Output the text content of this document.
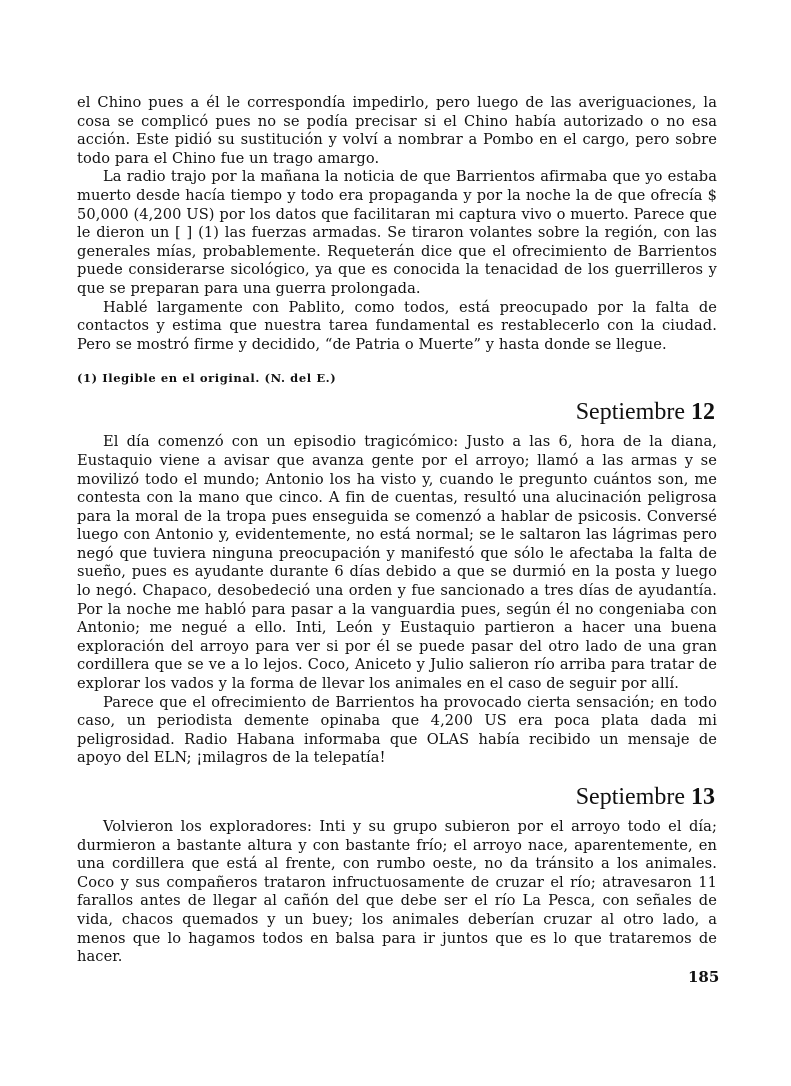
el Chino pues a él le correspondía impedirlo, pero luego de las averiguaciones, la cosa se complicó pues no se podía precisar si el Chino había autorizado o no esa acción. Este pidió su sustitución y volví a nombrar a Pombo en el cargo, pero sobre todo para el Chino fue un trago amargo.

La radio trajo por la mañana la noticia de que Barrientos afirmaba que yo estaba muerto desde hacía tiempo y todo era propaganda y por la noche la de que ofrecía $ 50,000 (4,200 US) por los datos que facilitaran mi captura vivo o muerto. Parece que le dieron un [ ] (1) las fuerzas armadas. Se tiraron volantes sobre la región, con las generales mías, probablemente. Requeterán dice que el ofrecimiento de Barrientos puede considerarse sicológico, ya que es conocida la tenacidad de los guerrilleros y que se preparan para una guerra prolongada.

Hablé largamente con Pablito, como todos, está preocupado por la falta de contactos y estima que nuestra tarea fundamental es restablecerlo con la ciudad. Pero se mostró firme y decidido, “de Patria o Muerte” y hasta donde se llegue.

(1) Ilegible en el original. (N. del E.)

Septiembre 12

El día comenzó con un episodio tragicómico: Justo a las 6, hora de la diana, Eustaquio viene a avisar que avanza gente por el arroyo; llamó a las armas y se movilizó todo el mundo; Antonio los ha visto y, cuando le pregunto cuántos son, me contesta con la mano que cinco. A fin de cuentas, resultó una alucinación peligrosa para la moral de la tropa pues enseguida se comenzó a hablar de psicosis. Conversé luego con Antonio y, evidentemente, no está normal; se le saltaron las lágrimas pero negó que tuviera ninguna preocupación y manifestó que sólo le afectaba la falta de sueño, pues es ayudante durante 6 días debido a que se durmió en la posta y luego lo negó. Chapaco, desobedeció una orden y fue sancionado a tres días de ayudantía. Por la noche me habló para pasar a la vanguardia pues, según él no congeniaba con Antonio; me negué a ello. Inti, León y Eustaquio partieron a hacer una buena exploración del arroyo para ver si por él se puede pasar del otro lado de una gran cordillera que se ve a lo lejos. Coco, Aniceto y Julio salieron río arriba para tratar de explorar los vados y la forma de llevar los animales en el caso de seguir por allí.

Parece que el ofrecimiento de Barrientos ha provocado cierta sensación; en todo caso, un periodista demente opinaba que 4,200 US era poca plata dada mi peligrosidad. Radio Habana informaba que OLAS había recibido un mensaje de apoyo del ELN; ¡milagros de la telepatía!

Septiembre 13

Volvieron los exploradores: Inti y su grupo subieron por el arroyo todo el día; durmieron a bastante altura y con bastante frío; el arroyo nace, aparentemente, en una cordillera que está al frente, con rumbo oeste, no da tránsito a los animales. Coco y sus compañeros trataron infructuosamente de cruzar el río; atravesaron 11 farallos antes de llegar al cañón del que debe ser el río La Pesca, con señales de vida, chacos quemados y un buey; los animales deberían cruzar al otro lado, a menos que lo hagamos todos en balsa para ir juntos que es lo que trataremos de hacer.

185
